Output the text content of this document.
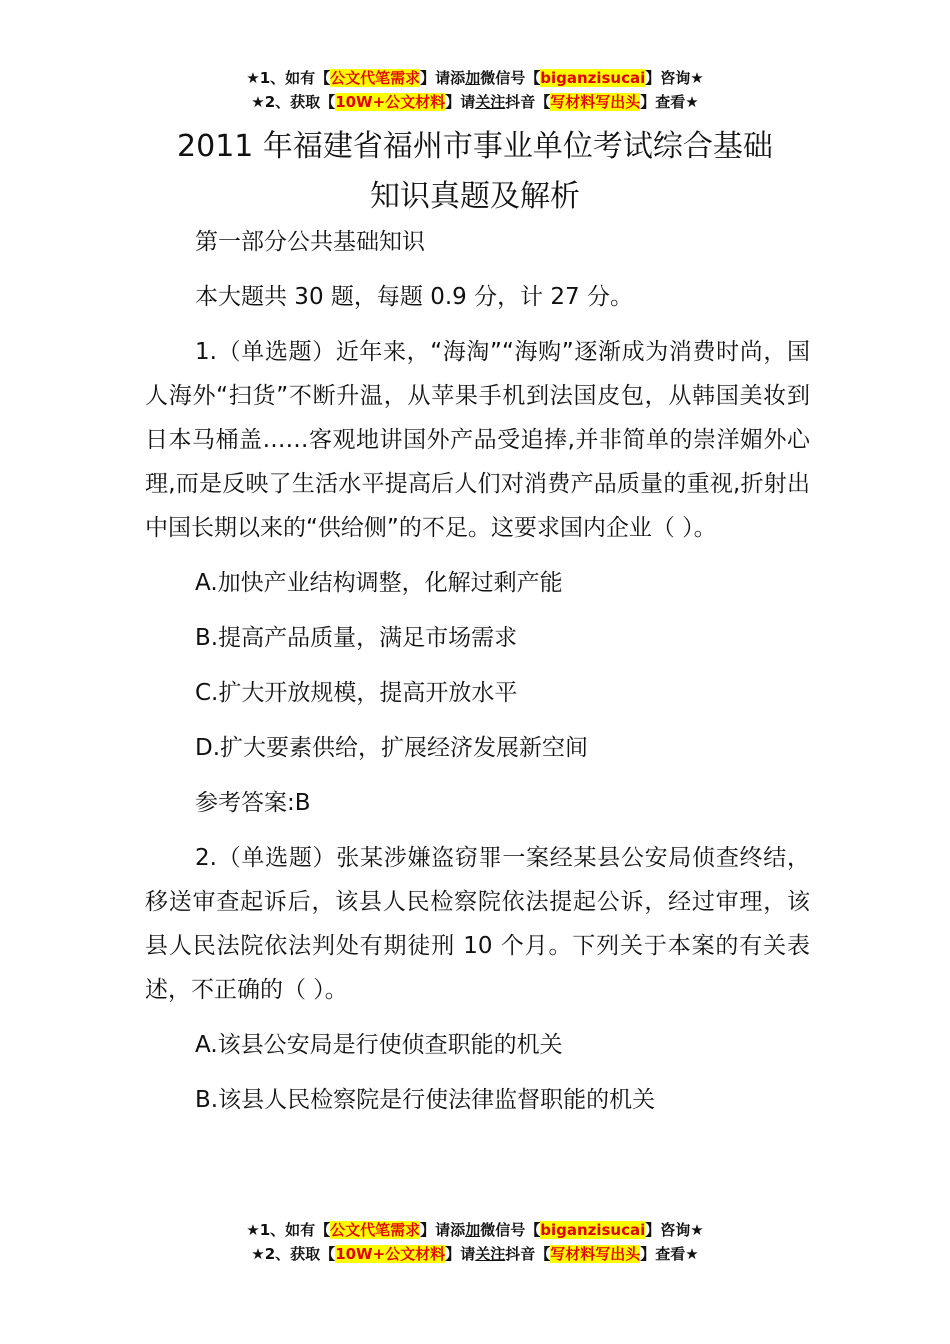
★1、如有【公文代笔需求】请添加微信号【biganzisucai】咨询★
★2、获取【10W+公文材料】请关注抖音【写材料写出头】查看★
2011 年福建省福州市事业单位考试综合基础
知识真题及解析
第一部分公共基础知识
本大题共 30 题，每题 0.9 分，计 27 分。
1.（单选题）近年来，“海淘”“海购”逐渐成为消费时尚，国人海外“扫货”不断升温，从苹果手机到法国皮包，从韩国美妆到日本马桶盖……客观地讲国外产品受追捧,并非简单的崇洋媚外心理,而是反映了生活水平提高后人们对消费产品质量的重视,折射出中国长期以来的“供给侧”的不足。这要求国内企业（ ）。
A.加快产业结构调整，化解过剩产能
B.提高产品质量，满足市场需求
C.扩大开放规模，提高开放水平
D.扩大要素供给，扩展经济发展新空间
参考答案:B
2.（单选题）张某涉嫌盗窃罪一案经某县公安局侦查终结，移送审查起诉后，该县人民检察院依法提起公诉，经过审理，该县人民法院依法判处有期徒刑 10 个月。下列关于本案的有关表述，不正确的（ ）。
A.该县公安局是行使侦查职能的机关
B.该县人民检察院是行使法律监督职能的机关
★1、如有【公文代笔需求】请添加微信号【biganzisucai】咨询★
★2、获取【10W+公文材料】请关注抖音【写材料写出头】查看★
